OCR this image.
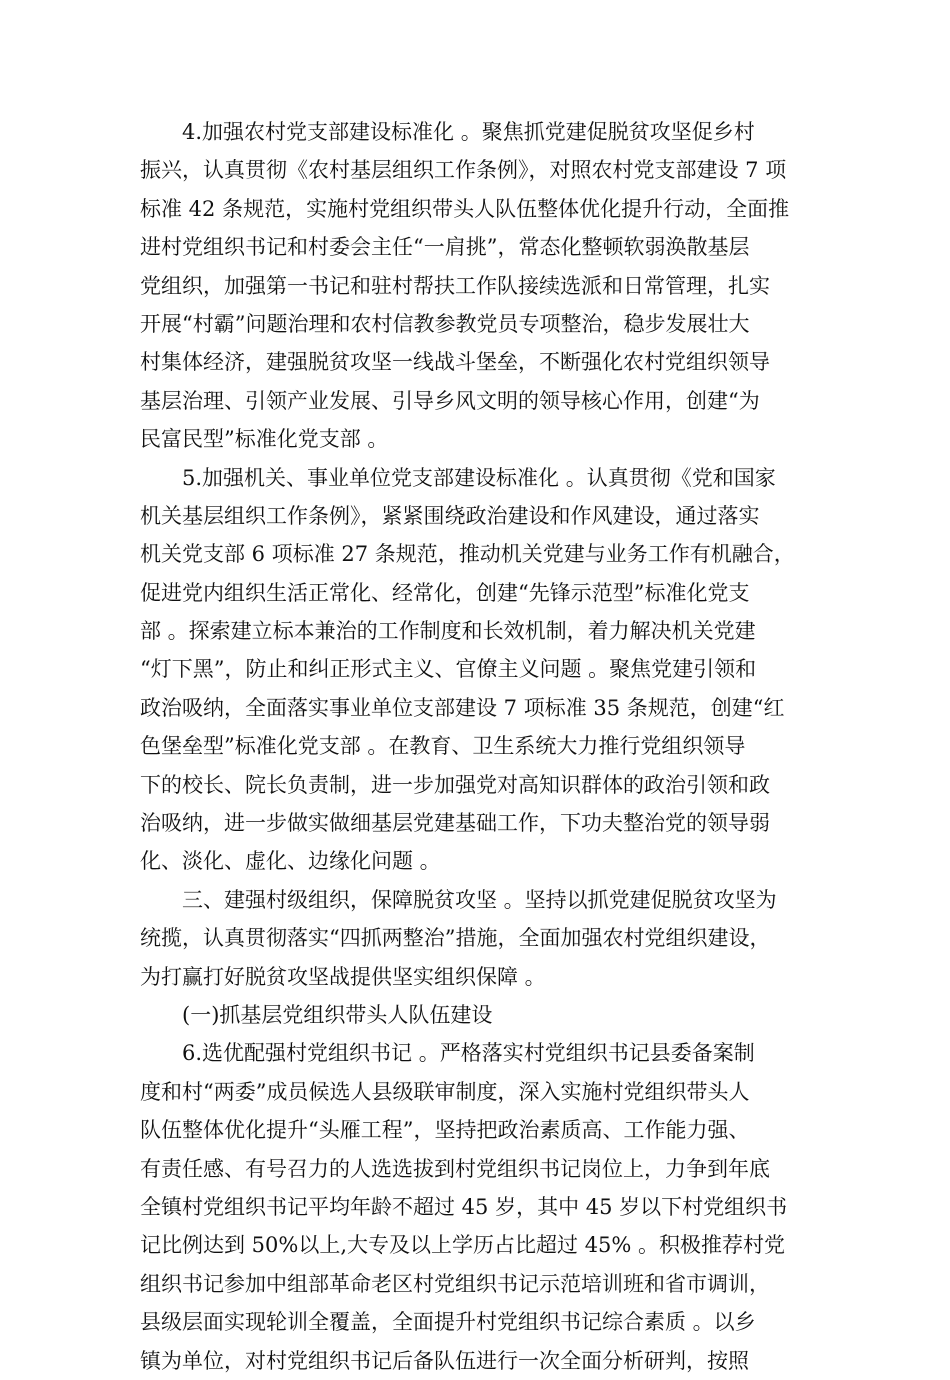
4.加强农村党支部建设标准化 。聚焦抓党建促脱贫攻坚促乡村
振兴，认真贯彻《农村基层组织工作条例》，对照农村党支部建设 7 项
标准 42 条规范，实施村党组织带头人队伍整体优化提升行动，全面推
进村党组织书记和村委会主任“一肩挑”，常态化整顿软弱涣散基层
党组织，加强第一书记和驻村帮扶工作队接续选派和日常管理，扎实
开展“村霸”问题治理和农村信教参教党员专项整治，稳步发展壮大
村集体经济，建强脱贫攻坚一线战斗堡垒，不断强化农村党组织领导
基层治理、引领产业发展、引导乡风文明的领导核心作用，创建“为
民富民型”标准化党支部 。
5.加强机关、事业单位党支部建设标准化 。认真贯彻《党和国家
机关基层组织工作条例》，紧紧围绕政治建设和作风建设，通过落实
机关党支部 6 项标准 27 条规范，推动机关党建与业务工作有机融合，
促进党内组织生活正常化、经常化，创建“先锋示范型”标准化党支
部 。探索建立标本兼治的工作制度和长效机制，着力解决机关党建
“灯下黑”，防止和纠正形式主义、官僚主义问题 。聚焦党建引领和
政治吸纳，全面落实事业单位支部建设 7 项标准 35 条规范，创建“红
色堡垒型”标准化党支部 。在教育、卫生系统大力推行党组织领导
下的校长、院长负责制，进一步加强党对高知识群体的政治引领和政
治吸纳，进一步做实做细基层党建基础工作，下功夫整治党的领导弱
化、淡化、虚化、边缘化问题 。
三、建强村级组织，保障脱贫攻坚 。坚持以抓党建促脱贫攻坚为
统揽，认真贯彻落实“四抓两整治”措施，全面加强农村党组织建设，
为打赢打好脱贫攻坚战提供坚实组织保障 。
(一)抓基层党组织带头人队伍建设
6.选优配强村党组织书记 。严格落实村党组织书记县委备案制
度和村“两委”成员候选人县级联审制度，深入实施村党组织带头人
队伍整体优化提升“头雁工程”，坚持把政治素质高、工作能力强、
有责任感、有号召力的人选选拔到村党组织书记岗位上，力争到年底
全镇村党组织书记平均年龄不超过 45 岁，其中 45 岁以下村党组织书
记比例达到 50%以上,大专及以上学历占比超过 45% 。积极推荐村党
组织书记参加中组部革命老区村党组织书记示范培训班和省市调训，
县级层面实现轮训全覆盖，全面提升村党组织书记综合素质 。以乡
镇为单位，对村党组织书记后备队伍进行一次全面分析研判，按照
